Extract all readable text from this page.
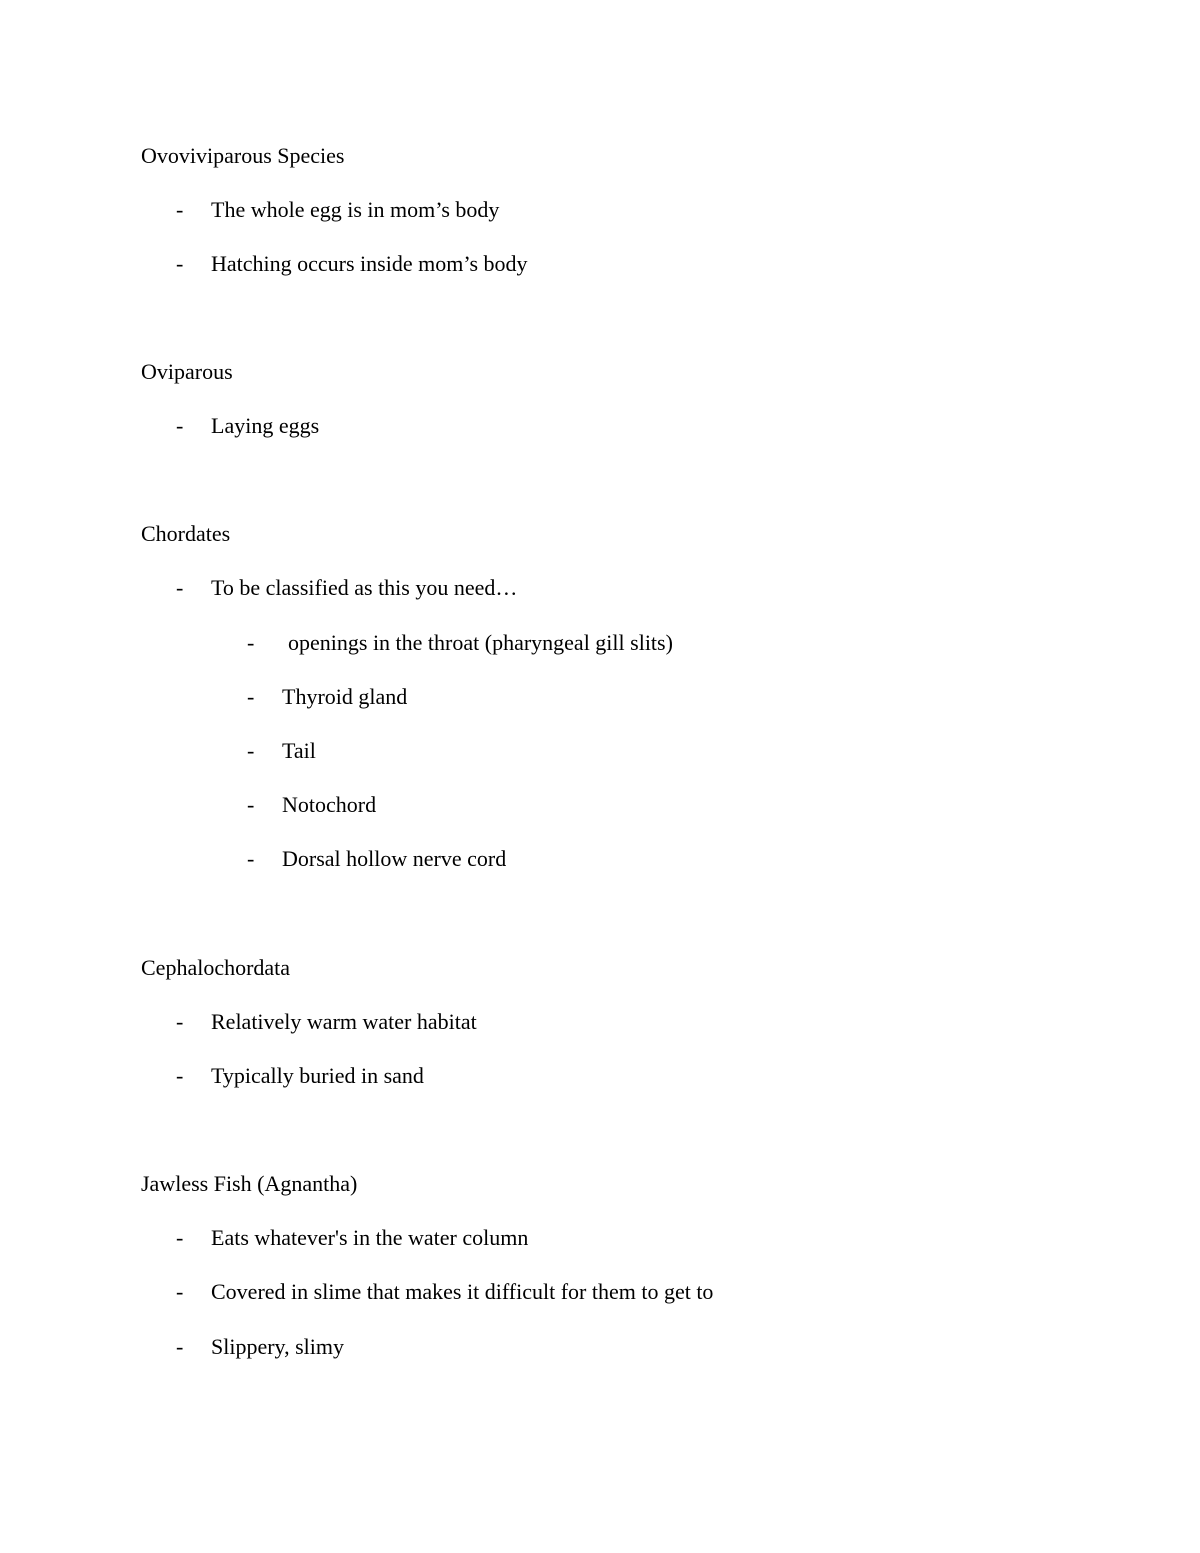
Ovoviviparous Species
- The whole egg is in mom’s body
- Hatching occurs inside mom’s body
Oviparous
- Laying eggs
Chordates
- To be classified as this you need…
- openings in the throat (pharyngeal gill slits)
- Thyroid gland
- Tail
- Notochord
- Dorsal hollow nerve cord
Cephalochordata
- Relatively warm water habitat
- Typically buried in sand
Jawless Fish (Agnantha)
- Eats whatever's in the water column
- Covered in slime that makes it difficult for them to get to
- Slippery, slimy
